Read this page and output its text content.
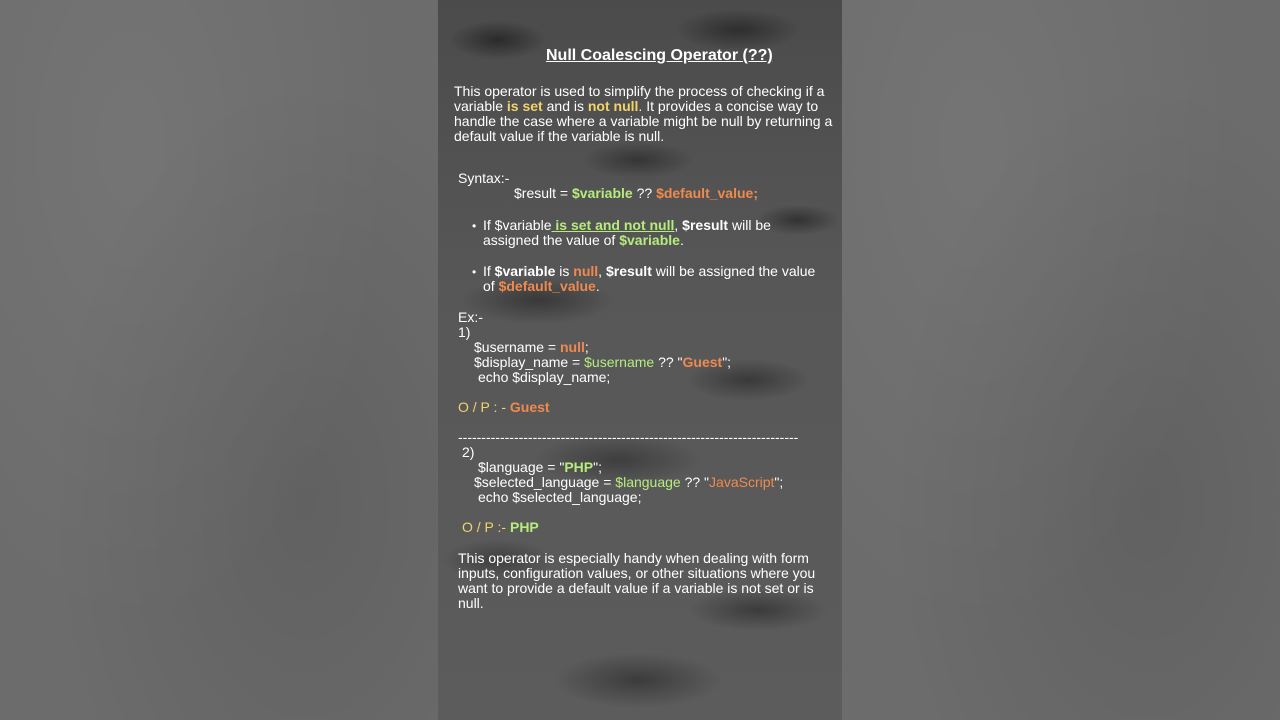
Null Coalescing Operator (??)
This operator is used to simplify the process of checking if a variable is set and is not null. It provides a concise way to handle the case where a variable might be null by returning a default value if the variable is null.
Syntax:-
$result = $variable ?? $default_value;
• If $variable is set and not null, $result will be
assigned the value of $variable.
• If $variable is null, $result will be assigned the value
of $default_value.
Ex:-
1)
$username = null;
$display_name = $username ?? "Guest";
echo $display_name;
O / P : - Guest
-------------------------------------------------------------------------
2)
$language = "PHP";
$selected_language = $language ?? "JavaScript";
echo $selected_language;
O / P :- PHP
This operator is especially handy when dealing with form inputs, configuration values, or other situations where you want to provide a default value if a variable is not set or is null.
